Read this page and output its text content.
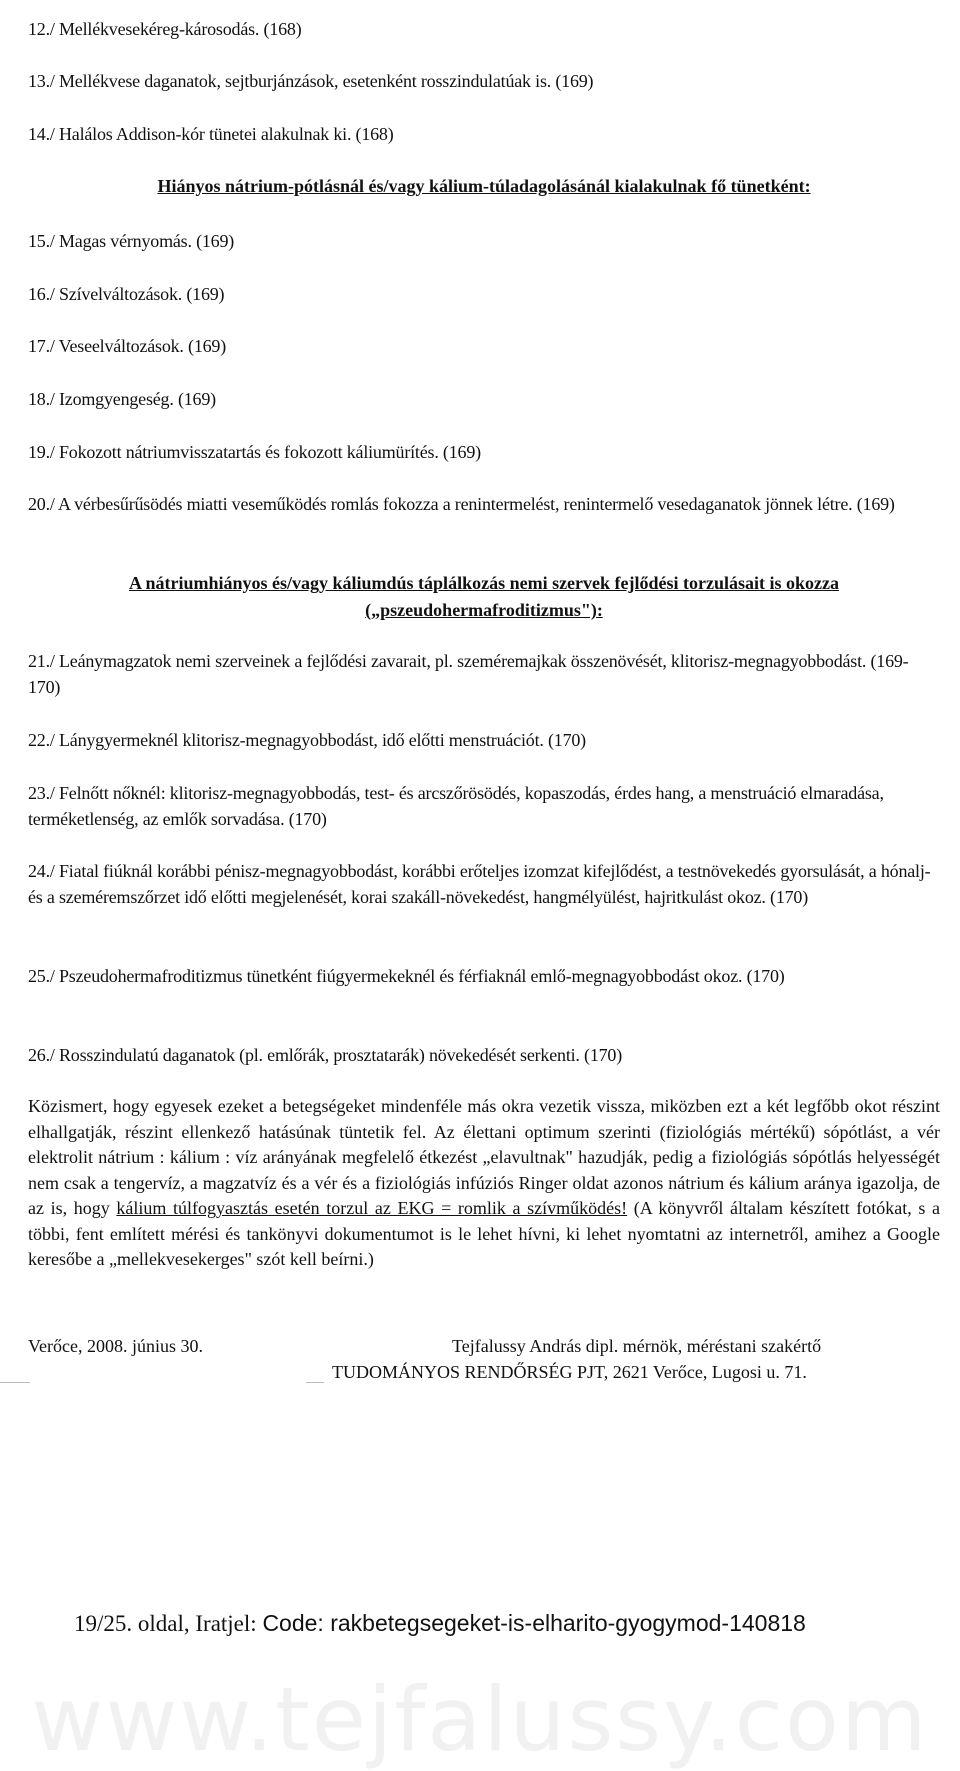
12./ Mellékvesekéreg-károsodás. (168)
13./ Mellékvese daganatok, sejtburjánzások, esetenként rosszindulatúak is. (169)
14./ Halálos Addison-kór tünetei alakulnak ki. (168)
Hiányos nátrium-pótlásnál és/vagy kálium-túladagolásánál kialakulnak fő tünetként:
15./ Magas vérnyomás. (169)
16./ Szívelváltozások. (169)
17./ Veseelváltozások. (169)
18./ Izomgyengeség. (169)
19./ Fokozott nátriumvisszatartás és fokozott káliumürítés. (169)
20./ A vérbesűrűsödés miatti veseműködés romlás fokozza a renintermelést, renintermelő vesedaganatok jönnek létre. (169)
A nátriumhiányos és/vagy káliumdús táplálkozás nemi szervek fejlődési torzulásait is okozza
(„pszeudohermafroditizmus"):
21./ Leánymagzatok nemi szerveinek a fejlődési zavarait, pl. szeméremajkak összenövését, klitorisz-megnagyobbodást. (169-170)
22./ Lánygyermeknél klitorisz-megnagyobbodást, idő előtti menstruációt. (170)
23./ Felnőtt nőknél: klitorisz-megnagyobbodás, test- és arcszőrösödés, kopaszodás, érdes hang, a menstruáció elmaradása, terméketlenség, az emlők sorvadása. (170)
24./ Fiatal fiúknál korábbi pénisz-megnagyobbodást, korábbi erőteljes izomzat kifejlődést, a testnövekedés gyorsulását, a hónalj- és a szeméremszőrzet idő előtti megjelenését, korai szakáll-növekedést, hangmélyülést, hajritkulást okoz. (170)
25./ Pszeudohermafroditizmus tünetként fiúgyermekeknél és férfiaknál emlő-megnagyobbodást okoz. (170)
26./ Rosszindulatú daganatok (pl. emlőrák, prosztatarák) növekedését serkenti. (170)
Közismert, hogy egyesek ezeket a betegségeket mindenféle más okra vezetik vissza, miközben ezt a két legfőbb okot részint elhallgatják, részint ellenkező hatásúnak tüntetik fel. Az élettani optimum szerinti (fiziológiás mértékű) sópótlást, a vér elektrolit nátrium : kálium : víz arányának megfelelő étkezést „elavultnak" hazudják, pedig a fiziológiás sópótlás helyességét nem csak a tengervíz, a magzatvíz és a vér és a fiziológiás infúziós Ringer oldat azonos nátrium és kálium aránya igazolja, de az is, hogy kálium túlfogyasztás esetén torzul az EKG = romlik a szívműködés! (A könyvről általam készített fotókat, s a többi, fent említett mérési és tankönyvi dokumentumot is le lehet hívni, ki lehet nyomtatni az internetről, amihez a Google keresőbe a „mellekvesekerges" szót kell beírni.)
Verőce, 2008. június 30.	Tejfalussy András dipl. mérnök, méréstani szakértő
TUDOMÁNYOS RENDŐRSÉG PJT, 2621 Verőce, Lugosi u. 71.
19/25. oldal, Iratjel: Code: rakbetegsegeket-is-elharito-gyogymod-140818
www.tejfalussy.com
